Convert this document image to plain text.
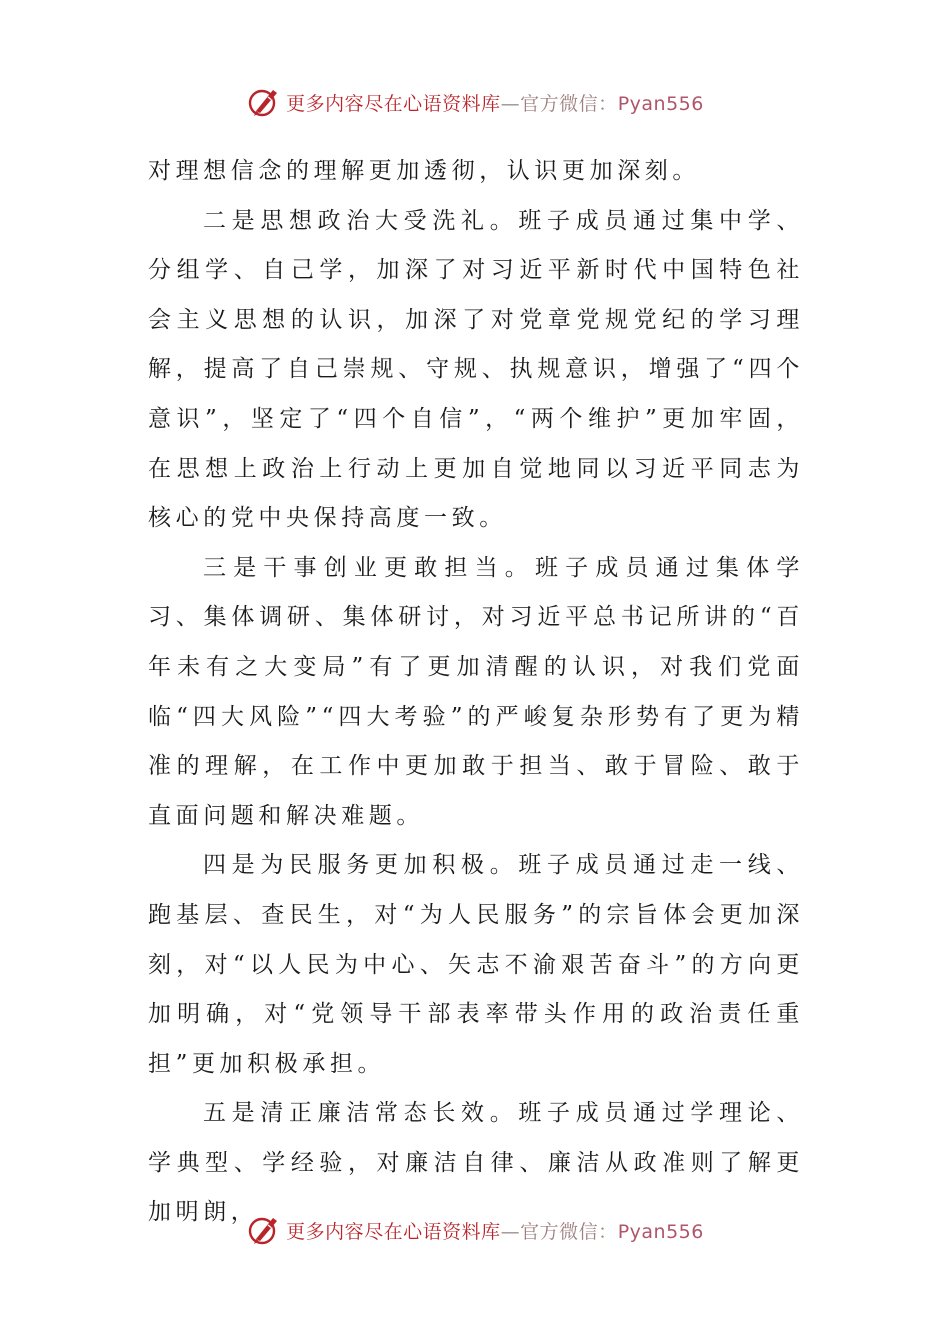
更多内容尽在心语资料库—官方微信：Pyan556

对理想信念的理解更加透彻，认识更加深刻。

二是思想政治大受洗礼。班子成员通过集中学、分组学、自己学，加深了对习近平新时代中国特色社会主义思想的认识，加深了对党章党规党纪的学习理解，提高了自己崇规、守规、执规意识，增强了“四个意识”，坚定了“四个自信”，“两个维护”更加牢固，在思想上政治上行动上更加自觉地同以习近平同志为核心的党中央保持高度一致。

三是干事创业更敢担当。班子成员通过集体学习、集体调研、集体研讨，对习近平总书记所讲的“百年未有之大变局”有了更加清醒的认识，对我们党面临“四大风险”“四大考验”的严峻复杂形势有了更为精准的理解，在工作中更加敢于担当、敢于冒险、敢于直面问题和解决难题。

四是为民服务更加积极。班子成员通过走一线、跑基层、查民生，对“为人民服务”的宗旨体会更加深刻，对“以人民为中心、矢志不渝艰苦奋斗”的方向更加明确，对“党领导干部表率带头作用的政治责任重担”更加积极承担。

五是清正廉洁常态长效。班子成员通过学理论、学典型、学经验，对廉洁自律、廉洁从政准则了解更加明朗，

更多内容尽在心语资料库—官方微信：Pyan556
